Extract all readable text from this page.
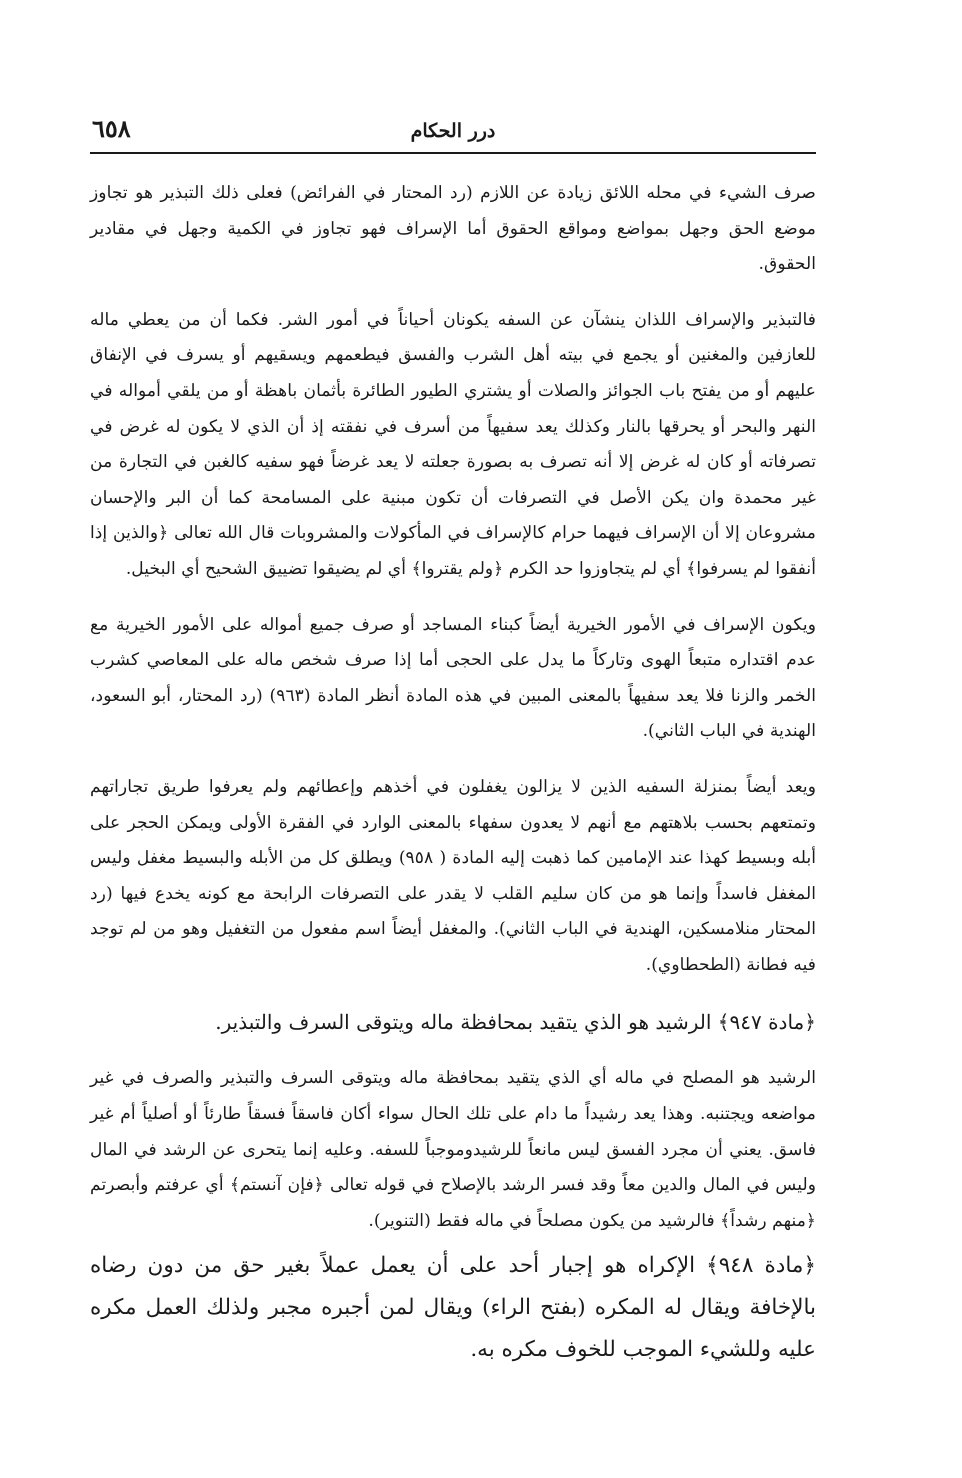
٦٥٨	درر الحكام

صرف الشيء في محله اللائق زيادة عن اللازم (رد المحتار في الفرائض) فعلى ذلك التبذير هو تجاوز موضع الحق وجهل بمواضع ومواقع الحقوق أما الإسراف فهو تجاوز في الكمية وجهل في مقادير الحقوق.

فالتبذير والإسراف اللذان ينشآن عن السفه يكونان أحياناً في أمور الشر. فكما أن من يعطي ماله للعازفين والمغنين أو يجمع في بيته أهل الشرب والفسق فيطعمهم ويسقيهم أو يسرف في الإنفاق عليهم أو من يفتح باب الجوائز والصلات أو يشتري الطيور الطائرة بأثمان باهظة أو من يلقي أمواله في النهر والبحر أو يحرقها بالنار وكذلك يعد سفيهاً من أسرف في نفقته إذ أن الذي لا يكون له غرض في تصرفاته أو كان له غرض إلا أنه تصرف به بصورة جعلته لا يعد غرضاً فهو سفيه كالغبن في التجارة من غير محمدة وان يكن الأصل في التصرفات أن تكون مبنية على المسامحة كما أن البر والإحسان مشروعان إلا أن الإسراف فيهما حرام كالإسراف في المأكولات والمشروبات قال الله تعالى ﴿والذين إذا أنفقوا لم يسرفوا﴾ أي لم يتجاوزوا حد الكرم ﴿ولم يقتروا﴾ أي لم يضيقوا تضييق الشحيح أي البخيل.

ويكون الإسراف في الأمور الخيرية أيضاً كبناء المساجد أو صرف جميع أمواله على الأمور الخيرية مع عدم اقتداره متبعاً الهوى وتاركاً ما يدل على الحجى أما إذا صرف شخص ماله على المعاصي كشرب الخمر والزنا فلا يعد سفيهاً بالمعنى المبين في هذه المادة أنظر المادة (٩٦٣) (رد المحتار، أبو السعود، الهندية في الباب الثاني).

ويعد أيضاً بمنزلة السفيه الذين لا يزالون يغفلون في أخذهم وإعطائهم ولم يعرفوا طريق تجاراتهم وتمتعهم بحسب بلاهتهم مع أنهم لا يعدون سفهاء بالمعنى الوارد في الفقرة الأولى ويمكن الحجر على أبله وبسيط كهذا عند الإمامين كما ذهبت إليه المادة ( ٩٥٨) ويطلق كل من الأبله والبسيط مغفل وليس المغفل فاسداً وإنما هو من كان سليم القلب لا يقدر على التصرفات الرابحة مع كونه يخدع فيها (رد المحتار منلامسكين، الهندية في الباب الثاني). والمغفل أيضاً اسم مفعول من التغفيل وهو من لم توجد فيه فطانة (الطحطاوي).

﴿مادة ٩٤٧﴾ الرشيد هو الذي يتقيد بمحافظة ماله ويتوقى السرف والتبذير.

الرشيد هو المصلح في ماله أي الذي يتقيد بمحافظة ماله ويتوقى السرف والتبذير والصرف في غير مواضعه ويجتنبه. وهذا يعد رشيداً ما دام على تلك الحال سواء أكان فاسقاً فسقاً طارئاً أو أصلياً أم غير فاسق. يعني أن مجرد الفسق ليس مانعاً للرشيدوموجباً للسفه. وعليه إنما يتحرى عن الرشد في المال وليس في المال والدين معاً وقد فسر الرشد بالإصلاح في قوله تعالى ﴿فإن آنستم﴾ أي عرفتم وأبصرتم ﴿منهم رشداً﴾ فالرشيد من يكون مصلحاً في ماله فقط (التنوير).

﴿مادة ٩٤٨﴾ الإكراه هو إجبار أحد على أن يعمل عملاً بغير حق من دون رضاه بالإخافة ويقال له المكره (بفتح الراء) ويقال لمن أجبره مجبر ولذلك العمل مكره عليه وللشيء الموجب للخوف مكره به.
